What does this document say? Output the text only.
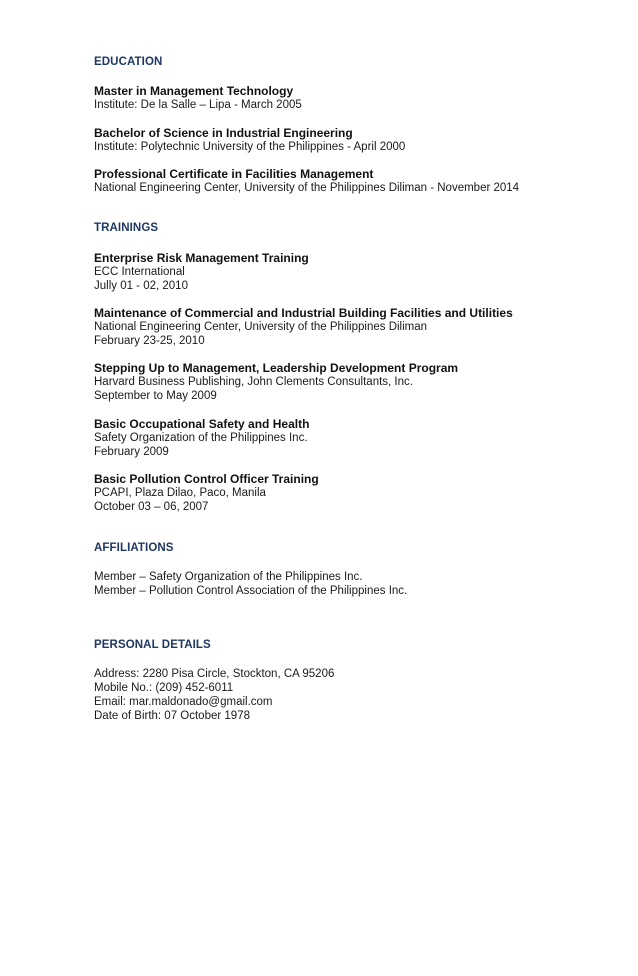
EDUCATION
Master in Management Technology
Institute: De la Salle – Lipa - March 2005
Bachelor of Science in Industrial Engineering
Institute: Polytechnic University of the Philippines - April 2000
Professional Certificate in Facilities Management
National Engineering Center, University of the Philippines Diliman - November 2014
TRAININGS
Enterprise Risk Management Training
ECC International
Jully 01 - 02, 2010
Maintenance of Commercial and Industrial Building Facilities and Utilities
National Engineering Center, University of the Philippines Diliman
February 23-25, 2010
Stepping Up to Management, Leadership Development Program
Harvard Business Publishing, John Clements Consultants, Inc.
September to May 2009
Basic Occupational Safety and Health
Safety Organization of the Philippines Inc.
February 2009
Basic Pollution Control Officer Training
PCAPI, Plaza Dilao, Paco, Manila
October 03 – 06, 2007
AFFILIATIONS
Member – Safety Organization of the Philippines Inc.
Member – Pollution Control Association of the Philippines Inc.
PERSONAL DETAILS
Address: 2280 Pisa Circle, Stockton, CA 95206
Mobile No.: (209) 452-6011
Email: mar.maldonado@gmail.com
Date of Birth: 07 October 1978
